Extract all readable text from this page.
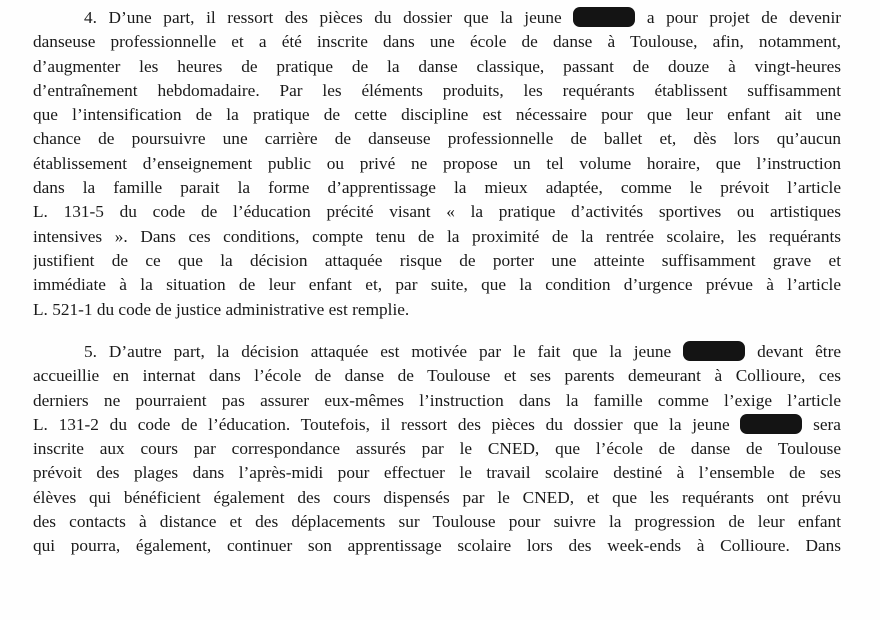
4. D’une part, il ressort des pièces du dossier que la jeune	a pour projet de devenir
danseuse professionnelle et a été inscrite dans une école de danse à Toulouse, afin, notamment,
d’augmenter les heures de pratique de la danse classique, passant de douze à vingt-heures
d’entraînement hebdomadaire. Par les éléments produits, les requérants établissent suffisamment
que l’intensification de la pratique de cette discipline est nécessaire pour que leur enfant ait une
chance de poursuivre une carrière de danseuse professionnelle de ballet et, dès lors qu’aucun
établissement d’enseignement public ou privé ne propose un tel volume horaire, que l’instruction
dans la famille parait la forme d’apprentissage la mieux adaptée, comme le prévoit l’article
L. 131-5 du code de l’éducation précité visant « la pratique d’activités sportives ou artistiques
intensives ». Dans ces conditions, compte tenu de la proximité de la rentrée scolaire, les requérants
justifient de ce que la décision attaquée risque de porter une atteinte suffisamment grave et
immédiate à la situation de leur enfant et, par suite, que la condition d’urgence prévue à l’article
L. 521-1 du code de justice administrative est remplie.
5. D’autre part, la décision attaquée est motivée par le fait que la jeune	devant être
accueillie en internat dans l’école de danse de Toulouse et ses parents demeurant à Collioure, ces
derniers ne pourraient pas assurer eux-mêmes l’instruction dans la famille comme l’exige l’article
L. 131-2 du code de l’éducation. Toutefois, il ressort des pièces du dossier que la jeune	sera
inscrite aux cours par correspondance assurés par le CNED, que l’école de danse de Toulouse
prévoit des plages dans l’après-midi pour effectuer le travail scolaire destiné à l’ensemble de ses
élèves qui bénéficient également des cours dispensés par le CNED, et que les requérants ont prévu
des contacts à distance et des déplacements sur Toulouse pour suivre la progression de leur enfant
qui pourra, également, continuer son apprentissage scolaire lors des week-ends à Collioure. Dans
